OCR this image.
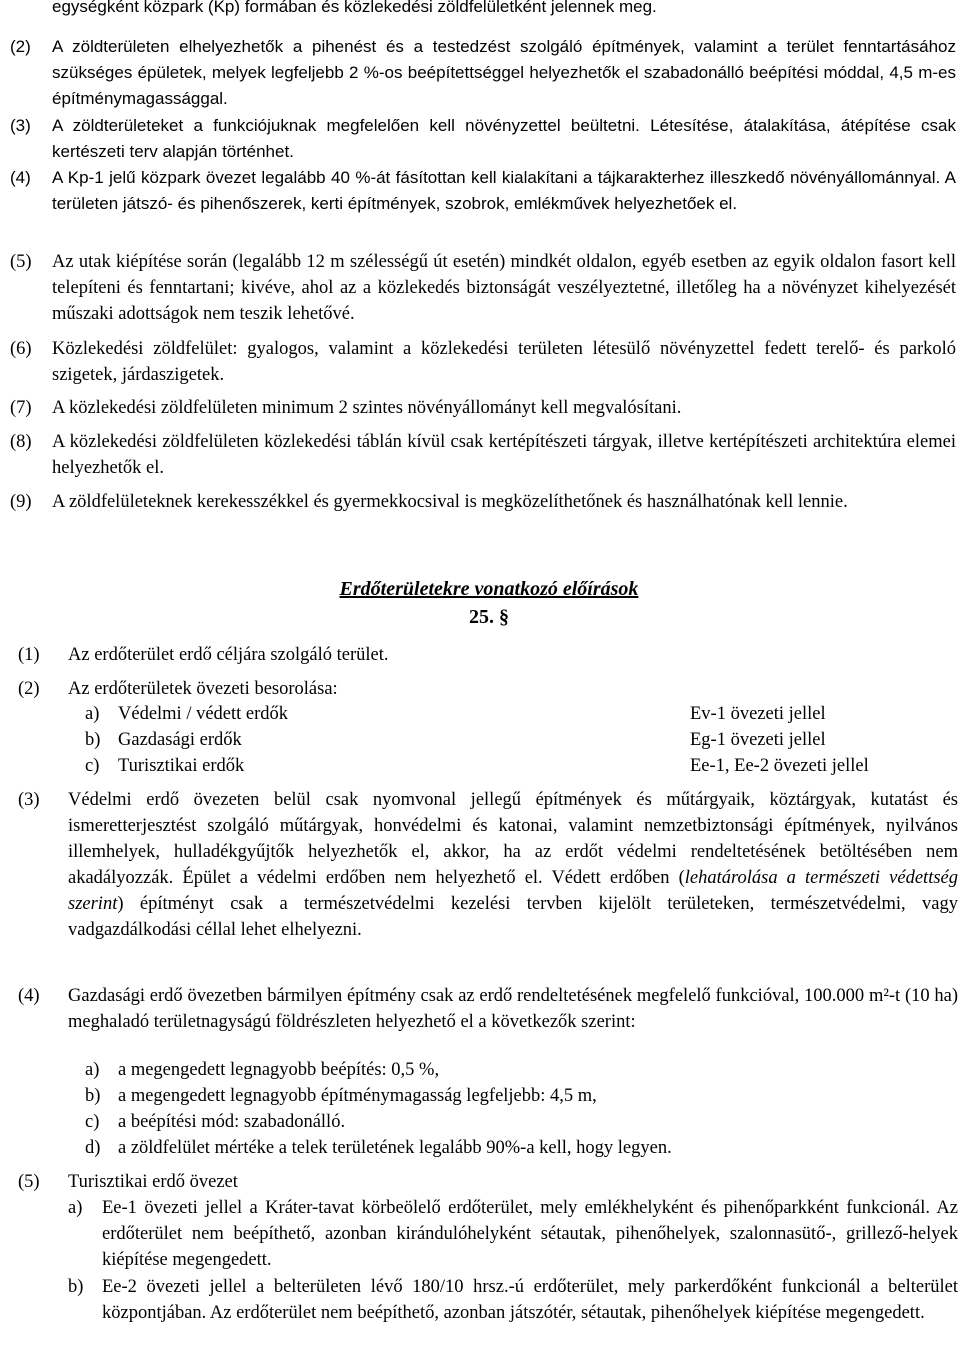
egységként közpark (Kp) formában és közlekedési zöldfelületként jelennek meg.
(2) A zöldterületen elhelyezhetők a pihenést és a testedzést szolgáló építmények, valamint a terület fenntartásához szükséges épületek, melyek legfeljebb 2 %-os beépítettséggel helyezhetők el szabadonálló beépítési móddal, 4,5 m-es építménymagassággal.
(3) A zöldterületeket a funkciójuknak megfelelően kell növényzettel beültetni. Létesítése, átalakítása, átépítése csak kertészeti terv alapján történhet.
(4) A Kp-1 jelű közpark övezet legalább 40 %-át fásítottan kell kialakítani a tájkarakterhez illeszkedő növényállománnyal. A területen játszó- és pihenőszerek, kerti építmények, szobrok, emlékművek helyezhetőek el.
(5) Az utak kiépítése során (legalább 12 m szélességű út esetén) mindkét oldalon, egyéb esetben az egyik oldalon fasort kell telepíteni és fenntartani; kivéve, ahol az a közlekedés biztonságát veszélyeztetné, illetőleg ha a növényzet kihelyezését műszaki adottságok nem teszik lehetővé.
(6) Közlekedési zöldfelület: gyalogos, valamint a közlekedési területen létesülő növényzettel fedett terelő- és parkoló szigetek, járdaszigetek.
(7) A közlekedési zöldfelületen minimum 2 szintes növényállományt kell megvalósítani.
(8) A közlekedési zöldfelületen közlekedési táblán kívül csak kertépítészeti tárgyak, illetve kertépítészeti architektúra elemei helyezhetők el.
(9) A zöldfelületeknek kerekesszékkel és gyermekkocsival is megközelíthetőnek és használhatónak kell lennie.
Erdőterületekre vonatkozó előírások
25. §
(1) Az erdőterület erdő céljára szolgáló terület.
(2) Az erdőterületek övezeti besorolása:
a) Védelmi / védett erdők	Ev-1 övezeti jellel
b) Gazdasági erdők	Eg-1 övezeti jellel
c) Turisztikai erdők	Ee-1, Ee-2 övezeti jellel
(3) Védelmi erdő övezeten belül csak nyomvonal jellegű építmények és műtárgyaik, köztárgyak, kutatást és ismeretterjesztést szolgáló műtárgyak, honvédelmi és katonai, valamint nemzetbiztonsági építmények, nyilvános illemhelyek, hulladékgyűjtők helyezhetők el, akkor, ha az erdőt védelmi rendeltetésének betöltésében nem akadályozzák. Épület a védelmi erdőben nem helyezhető el. Védett erdőben (lehatárolása a természeti védettség szerint) építményt csak a természetvédelmi kezelési tervben kijelölt területeken, természetvédelmi, vagy vadgazdálkodási céllal lehet elhelyezni.
(4) Gazdasági erdő övezetben bármilyen építmény csak az erdő rendeltetésének megfelelő funkcióval, 100.000 m²-t (10 ha) meghaladó területnagyságú földrészleten helyezhető el a következők szerint:
a) a megengedett legnagyobb beépítés: 0,5 %,
b) a megengedett legnagyobb építménymagasság legfeljebb: 4,5 m,
c) a beépítési mód: szabadonálló.
d) a zöldfelület mértéke a telek területének legalább 90%-a kell, hogy legyen.
(5) Turisztikai erdő övezet
a) Ee-1 övezeti jellel a Kráter-tavat körbeölelő erdőterület, mely emlékhelyként és pihenőparkként funkcionál. Az erdőterület nem beépíthető, azonban kirándulóhelyként sétautak, pihenőhelyek, szalonnasütő-, grillező-helyek kiépítése megengedett.
b) Ee-2 övezeti jellel a belterületen lévő 180/10 hrsz.-ú erdőterület, mely parkerdőként funkcionál a belterület központjában. Az erdőterület nem beépíthető, azonban játszótér, sétautak, pihenőhelyek kiépítése megengedett.
